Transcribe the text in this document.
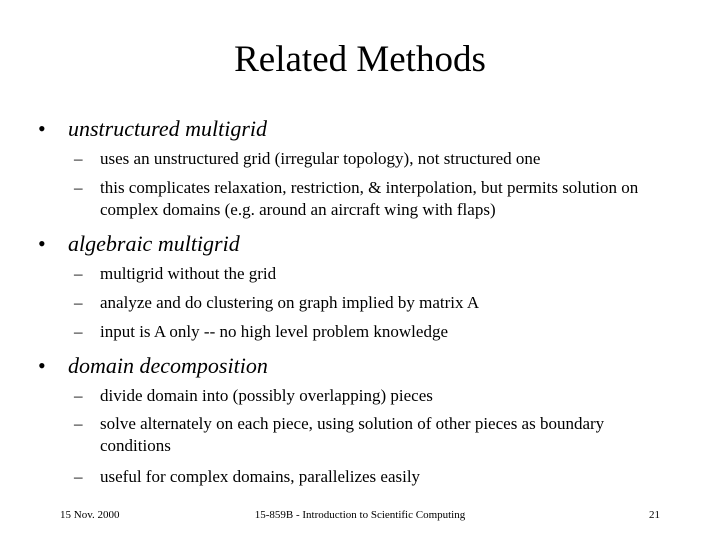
Related Methods
• unstructured multigrid
– uses an unstructured grid (irregular topology), not structured one
– this complicates relaxation, restriction, & interpolation, but permits solution on complex domains (e.g. around an aircraft wing with flaps)
• algebraic multigrid
– multigrid without the grid
– analyze and do clustering on graph implied by matrix A
– input is A only -- no high level problem knowledge
• domain decomposition
– divide domain into (possibly overlapping) pieces
– solve alternately on each piece, using solution of other pieces as boundary conditions
– useful for complex domains, parallelizes easily
15 Nov. 2000	15-859B - Introduction to Scientific Computing	21
